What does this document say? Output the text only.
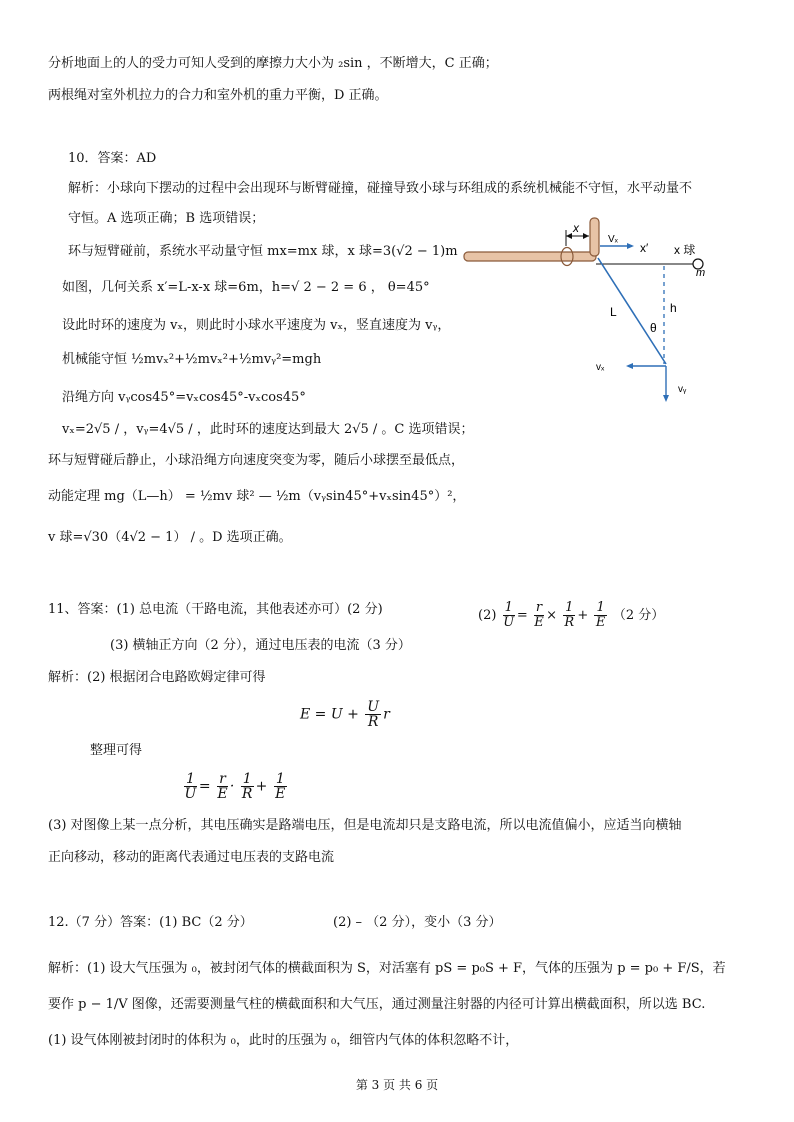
分析地面上的人的受力可知人受到的摩擦力大小为 ₂sin ，不断增大，C 正确；
两根绳对室外机拉力的合力和室外机的重力平衡，D 正确。
10．答案：AD
解析：小球向下摆动的过程中会出现环与断臂碰撞，碰撞导致小球与环组成的系统机械能不守恒，水平动量不
守恒。A 选项正确；B 选项错误；
环与短臂碰前，系统水平动量守恒 mx=mx 球，x 球=3(√2 − 1)m
如图，几何关系 x′=L-x-x 球=6m，h=√ 2 − 2 = 6 ， θ=45°
设此时环的速度为 vₓ，则此时小球水平速度为 vₓ，竖直速度为 vᵧ，
机械能守恒 ½mvₓ²+½mvₓ²+½mvᵧ²=mgh
沿绳方向 vᵧcos45°=vₓcos45°-vₓcos45°
vₓ=2√5 / ，vᵧ=4√5 / ，此时环的速度达到最大 2√5 / 。C 选项错误；
环与短臂碰后静止，小球沿绳方向速度突变为零，随后小球摆至最低点，
动能定理 mg（L—h） = ½mv 球² — ½m（vᵧsin45°+vₓsin45°）²，
v 球=√30（4√2 − 1） / 。D 选项正确。
x
Vₓ
x′ x 球
m
L	h
θ
vₓ
vᵧ
11、答案：(1) 总电流（干路电流，其他表述亦可）(2 分)	$(2) \frac{1}{U} = \frac{r}{E} \times \frac{1}{R} + \frac{1}{E} (2$ 分）
(3) 横轴正方向（2 分），通过电压表的电流（3 分）
解析：(2) 根据闭合电路欧姆定律可得
$E = U + \frac{U}{R}$ r
整理可得
$\frac{1}{U} = \frac{r}{E} \cdot \frac{1}{R} + \frac{1}{E}$
(3) 对图像上某一点分析，其电压确实是路端电压，但是电流却只是支路电流，所以电流值偏小，应适当向横轴
正向移动，移动的距离代表通过电压表的支路电流
12.（7 分）答案：(1) BC（2 分）	(2) – （2 分），变小（3 分）
解析：(1) 设大气压强为 ₀，被封闭气体的横截面积为 S，对活塞有 pS = p₀S + F，气体的压强为 p = p₀ + F/S，若
要作 p − 1/V 图像，还需要测量气柱的横截面积和大气压，通过测量注射器的内径可计算出横截面积，所以选 BC.
(1) 设气体刚被封闭时的体积为 ₀，此时的压强为 ₀，细管内气体的体积忽略不计，
第 3 页 共 6 页
